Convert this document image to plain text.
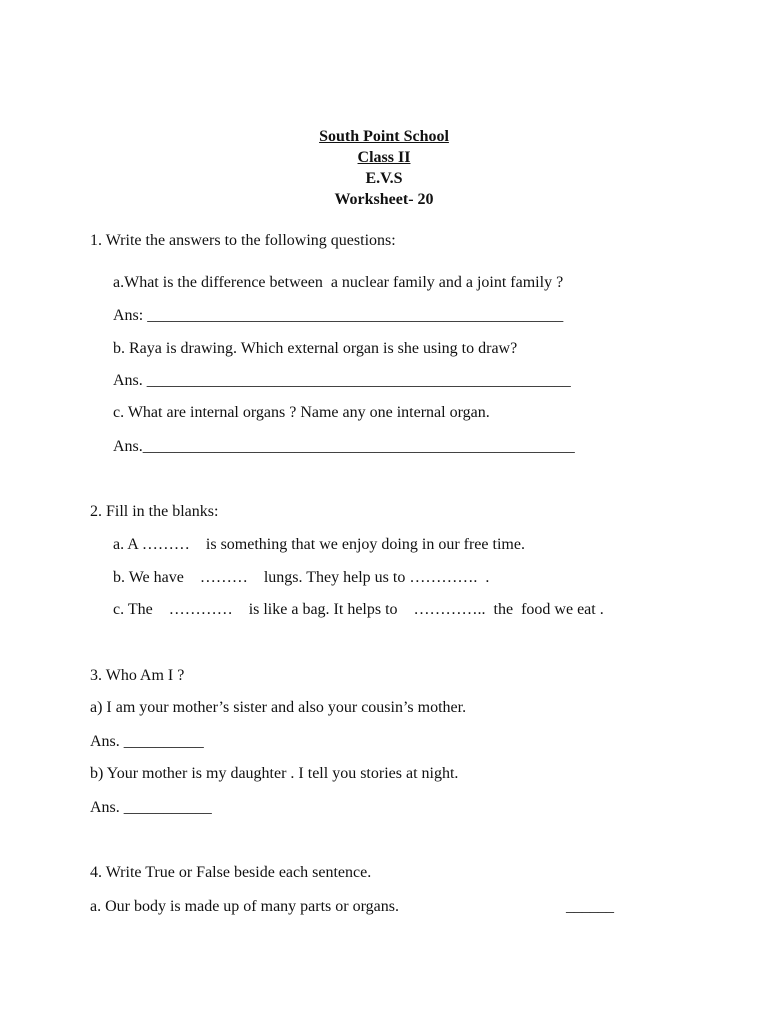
South Point School
Class II
E.V.S
Worksheet- 20
1. Write the answers to the following questions:
a.What is the difference between  a nuclear family and a joint family ?
Ans: ____________________________________________________
b. Raya is drawing. Which external organ is she using to draw?
Ans. _____________________________________________________
c. What are internal organs ? Name any one internal organ.
Ans.______________________________________________________
2. Fill in the blanks:
a. A ………    is something that we enjoy doing in our free time.
b. We have    ………    lungs. They help us to ………….  .
c. The    …………    is like a bag. It helps to    …………..  the  food we eat .
3. Who Am I ?
a) I am your mother’s sister and also your cousin’s mother.
Ans. __________
b) Your mother is my daughter . I tell you stories at night.
Ans. ___________
4. Write True or False beside each sentence.
a. Our body is made up of many parts or organs.	______
